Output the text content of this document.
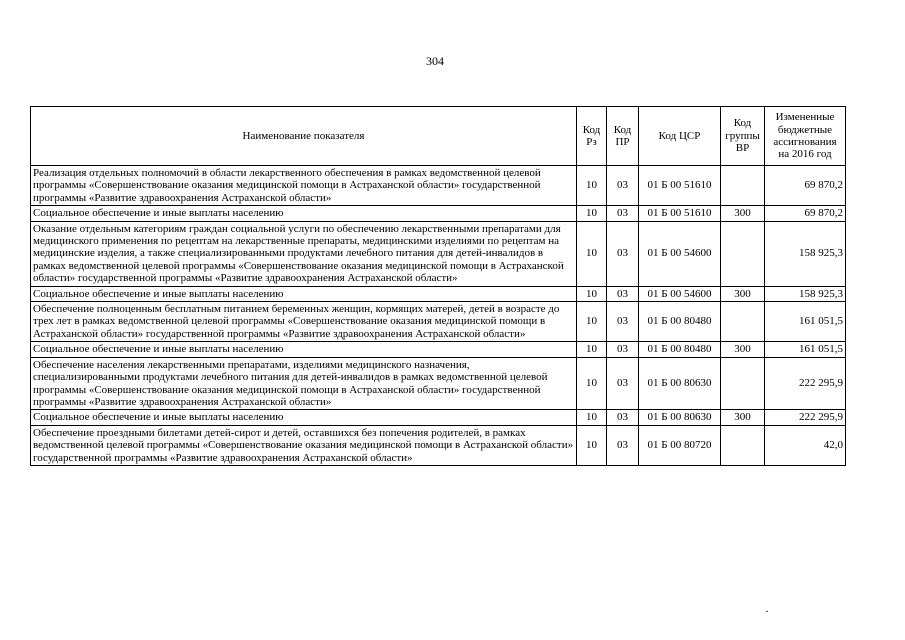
304
Наименование показателя	Код Рз	Код ПР	Код ЦСР	Код группы ВР	Измененные бюджетные ассигнования на 2016 год
Реализация отдельных полномочий в области лекарственного обеспечения в рамках ведомственной целевой программы «Совершенствование оказания медицинской помощи в Астраханской области» государственной программы «Развитие здравоохранения Астраханской области»	10	03	01 Б 00 51610		69 870,2
Социальное обеспечение и иные выплаты населению	10	03	01 Б 00 51610	300	69 870,2
Оказание отдельным категориям граждан социальной услуги по обеспечению лекарственными препаратами для медицинского применения по рецептам на лекарственные препараты, медицинскими изделиями по рецептам на медицинские изделия, а также специализированными продуктами лечебного питания для детей-инвалидов в рамках ведомственной целевой программы «Совершенствование оказания медицинской помощи в Астраханской области» государственной программы «Развитие здравоохранения Астраханской области»	10	03	01 Б 00 54600		158 925,3
Социальное обеспечение и иные выплаты населению	10	03	01 Б 00 54600	300	158 925,3
Обеспечение полноценным бесплатным питанием беременных женщин, кормящих матерей, детей в возрасте до трех лет в рамках ведомственной целевой программы «Совершенствование оказания медицинской помощи в Астраханской области» государственной программы «Развитие здравоохранения Астраханской области»	10	03	01 Б 00 80480		161 051,5
Социальное обеспечение и иные выплаты населению	10	03	01 Б 00 80480	300	161 051,5
Обеспечение населения лекарственными препаратами, изделиями медицинского назначения, специализированными продуктами лечебного питания для детей-инвалидов в рамках ведомственной целевой программы «Совершенствование оказания медицинской помощи в Астраханской области» государственной программы «Развитие здравоохранения Астраханской области»	10	03	01 Б 00 80630		222 295,9
Социальное обеспечение и иные выплаты населению	10	03	01 Б 00 80630	300	222 295,9
Обеспечение проездными билетами детей-сирот и детей, оставшихся без попечения родителей, в рамках ведомственной целевой программы «Совершенствование оказания медицинской помощи в Астраханской области» государственной программы «Развитие здравоохранения Астраханской области»	10	03	01 Б 00 80720		42,0
·
